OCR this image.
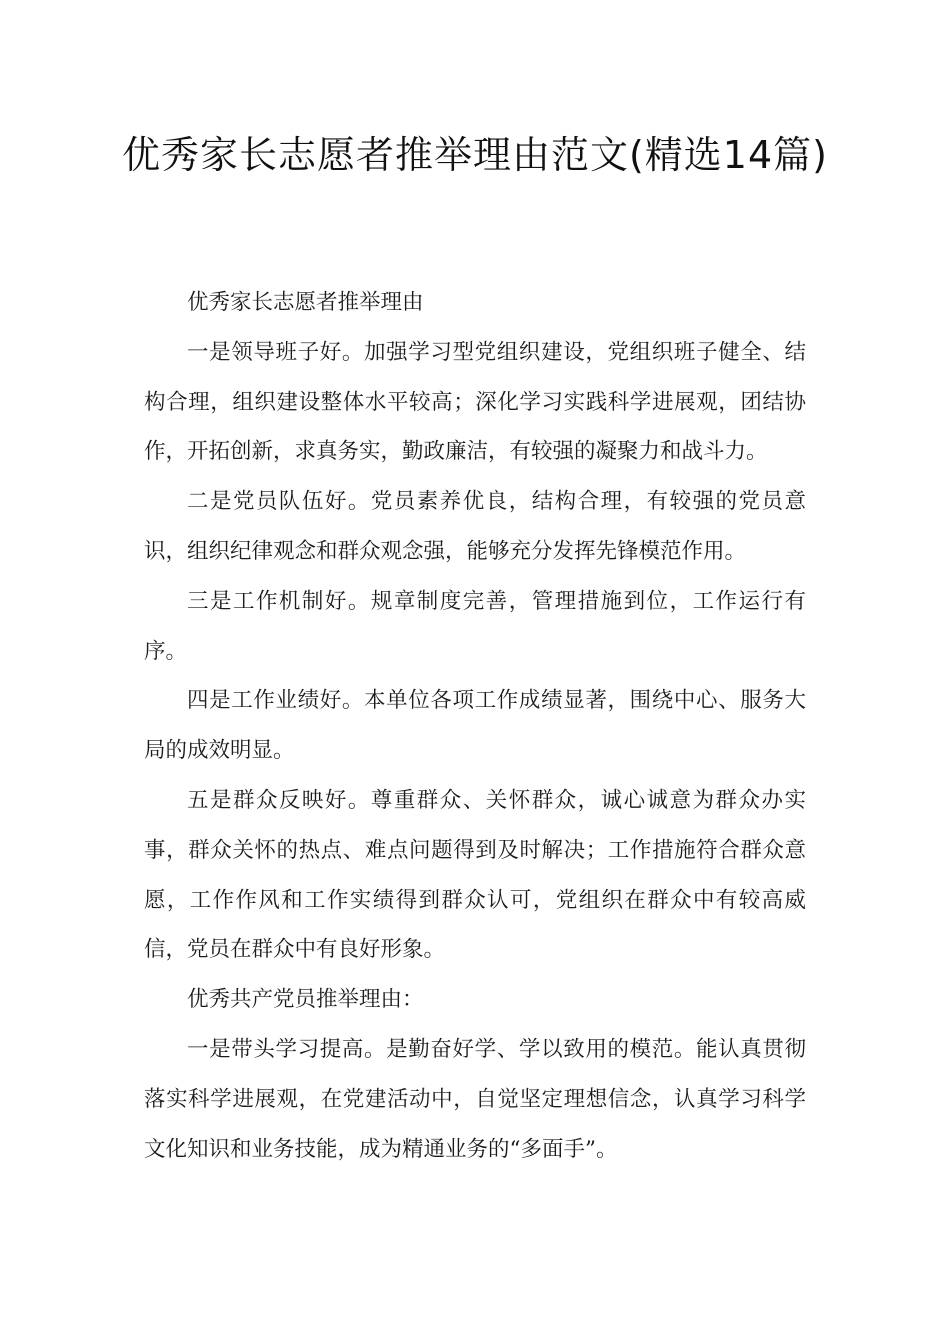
优秀家长志愿者推举理由范文(精选14篇)

优秀家长志愿者推举理由

一是领导班子好。加强学习型党组织建设，党组织班子健全、结构合理，组织建设整体水平较高；深化学习实践科学进展观，团结协作，开拓创新，求真务实，勤政廉洁，有较强的凝聚力和战斗力。

二是党员队伍好。党员素养优良，结构合理，有较强的党员意识，组织纪律观念和群众观念强，能够充分发挥先锋模范作用。

三是工作机制好。规章制度完善，管理措施到位，工作运行有序。

四是工作业绩好。本单位各项工作成绩显著，围绕中心、服务大局的成效明显。

五是群众反映好。尊重群众、关怀群众，诚心诚意为群众办实事，群众关怀的热点、难点问题得到及时解决；工作措施符合群众意愿，工作作风和工作实绩得到群众认可，党组织在群众中有较高威信，党员在群众中有良好形象。

优秀共产党员推举理由：

一是带头学习提高。是勤奋好学、学以致用的模范。能认真贯彻落实科学进展观，在党建活动中，自觉坚定理想信念，认真学习科学文化知识和业务技能，成为精通业务的“多面手”。
